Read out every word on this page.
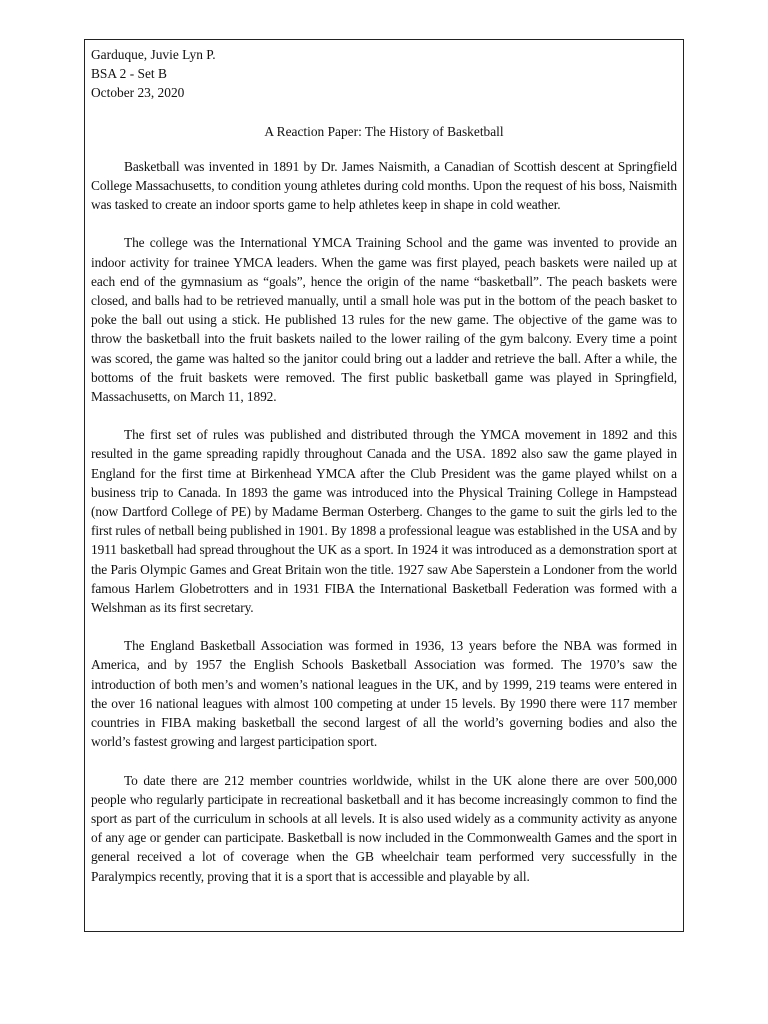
Garduque, Juvie Lyn P.
BSA 2 - Set B
October 23, 2020
A Reaction Paper: The History of Basketball

Basketball was invented in 1891 by Dr. James Naismith, a Canadian of Scottish descent at Springfield College Massachusetts, to condition young athletes during cold months. Upon the request of his boss, Naismith was tasked to create an indoor sports game to help athletes keep in shape in cold weather.

The college was the International YMCA Training School and the game was invented to provide an indoor activity for trainee YMCA leaders. When the game was first played, peach baskets were nailed up at each end of the gymnasium as “goals”, hence the origin of the name “basketball”. The peach baskets were closed, and balls had to be retrieved manually, until a small hole was put in the bottom of the peach basket to poke the ball out using a stick. He published 13 rules for the new game. The objective of the game was to throw the basketball into the fruit baskets nailed to the lower railing of the gym balcony. Every time a point was scored, the game was halted so the janitor could bring out a ladder and retrieve the ball. After a while, the bottoms of the fruit baskets were removed. The first public basketball game was played in Springfield, Massachusetts, on March 11, 1892.

The first set of rules was published and distributed through the YMCA movement in 1892 and this resulted in the game spreading rapidly throughout Canada and the USA. 1892 also saw the game played in England for the first time at Birkenhead YMCA after the Club President was the game played whilst on a business trip to Canada. In 1893 the game was introduced into the Physical Training College in Hampstead (now Dartford College of PE) by Madame Berman Osterberg. Changes to the game to suit the girls led to the first rules of netball being published in 1901. By 1898 a professional league was established in the USA and by 1911 basketball had spread throughout the UK as a sport. In 1924 it was introduced as a demonstration sport at the Paris Olympic Games and Great Britain won the title. 1927 saw Abe Saperstein a Londoner from the world famous Harlem Globetrotters and in 1931 FIBA the International Basketball Federation was formed with a Welshman as its first secretary.

The England Basketball Association was formed in 1936, 13 years before the NBA was formed in America, and by 1957 the English Schools Basketball Association was formed. The 1970’s saw the introduction of both men’s and women’s national leagues in the UK, and by 1999, 219 teams were entered in the over 16 national leagues with almost 100 competing at under 15 levels. By 1990 there were 117 member countries in FIBA making basketball the second largest of all the world’s governing bodies and also the world’s fastest growing and largest participation sport.

To date there are 212 member countries worldwide, whilst in the UK alone there are over 500,000 people who regularly participate in recreational basketball and it has become increasingly common to find the sport as part of the curriculum in schools at all levels. It is also used widely as a community activity as anyone of any age or gender can participate. Basketball is now included in the Commonwealth Games and the sport in general received a lot of coverage when the GB wheelchair team performed very successfully in the Paralympics recently, proving that it is a sport that is accessible and playable by all.
